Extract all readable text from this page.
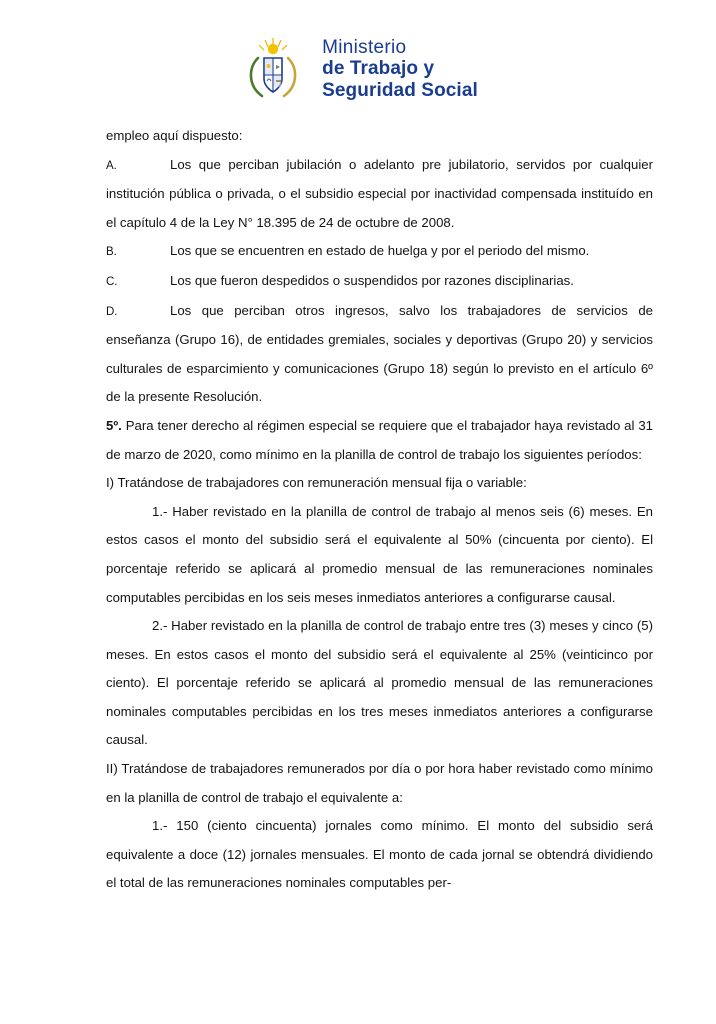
Ministerio
de Trabajo y
Seguridad Social

empleo aquí dispuesto:

A.	Los que perciban jubilación o adelanto pre jubilatorio, servidos por cualquier institución pública o privada, o el subsidio especial por inactividad compensada instituído en el capítulo 4 de la Ley N° 18.395 de 24 de octubre de 2008.

B.	Los que se encuentren en estado de huelga y por el periodo del mismo.

C.	Los que fueron despedidos o suspendidos por razones disciplinarias.

D.	Los que perciban otros ingresos, salvo los trabajadores de servicios de enseñanza (Grupo 16), de entidades gremiales, sociales y deportivas (Grupo 20) y servicios culturales de esparcimiento y comunicaciones (Grupo 18) según lo previsto en el artículo 6º de la presente Resolución.

5º. Para tener derecho al régimen especial se requiere que el trabajador haya revistado al 31 de marzo de 2020, como mínimo en la planilla de control de trabajo los siguientes períodos:

I) Tratándose de trabajadores con remuneración mensual fija o variable:

1.- Haber revistado en la planilla de control de trabajo al menos seis (6) meses. En estos casos el monto del subsidio será el equivalente al 50% (cincuenta por ciento). El porcentaje referido se aplicará al promedio mensual de las remuneraciones nominales computables percibidas en los seis meses inmediatos anteriores a configurarse causal.

2.- Haber revistado en la planilla de control de trabajo entre tres (3) meses y cinco (5) meses. En estos casos el monto del subsidio será el equivalente al 25% (veinticinco por ciento). El porcentaje referido se aplicará al promedio mensual de las remuneraciones nominales computables percibidas en los tres meses inmediatos anteriores a configurarse causal.

II) Tratándose de trabajadores remunerados por día o por hora haber revistado como mínimo en la planilla de control de trabajo el equivalente a:

1.- 150 (ciento cincuenta) jornales como mínimo. El monto del subsidio será equivalente a doce (12) jornales mensuales. El monto de cada jornal se obtendrá dividiendo el total de las remuneraciones nominales computables per-
